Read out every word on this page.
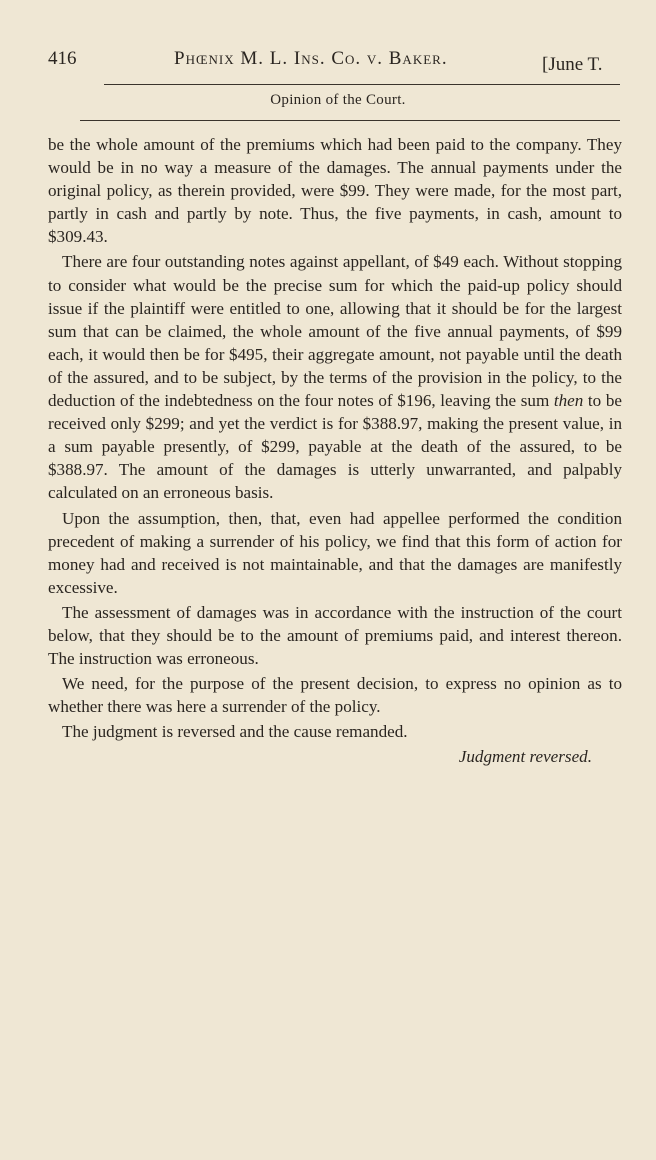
416	Phœnix M. L. Ins. Co. v. Baker.	[June T.
Opinion of the Court.

be the whole amount of the premiums which had been paid to the company. They would be in no way a measure of the damages. The annual payments under the original policy, as therein provided, were $99. They were made, for the most part, partly in cash and partly by note. Thus, the five payments, in cash, amount to $309.43.

There are four outstanding notes against appellant, of $49 each. Without stopping to consider what would be the precise sum for which the paid-up policy should issue if the plaintiff were entitled to one, allowing that it should be for the largest sum that can be claimed, the whole amount of the five annual payments, of $99 each, it would then be for $495, their aggregate amount, not payable until the death of the assured, and to be subject, by the terms of the provision in the policy, to the deduction of the indebtedness on the four notes of $196, leaving the sum then to be received only $299; and yet the verdict is for $388.97, making the present value, in a sum payable presently, of $299, payable at the death of the assured, to be $388.97. The amount of the damages is utterly unwarranted, and palpably calculated on an erroneous basis.

Upon the assumption, then, that, even had appellee performed the condition precedent of making a surrender of his policy, we find that this form of action for money had and received is not maintainable, and that the damages are manifestly excessive.

The assessment of damages was in accordance with the instruction of the court below, that they should be to the amount of premiums paid, and interest thereon. The instruction was erroneous.

We need, for the purpose of the present decision, to express no opinion as to whether there was here a surrender of the policy.

The judgment is reversed and the cause remanded.

Judgment reversed.
